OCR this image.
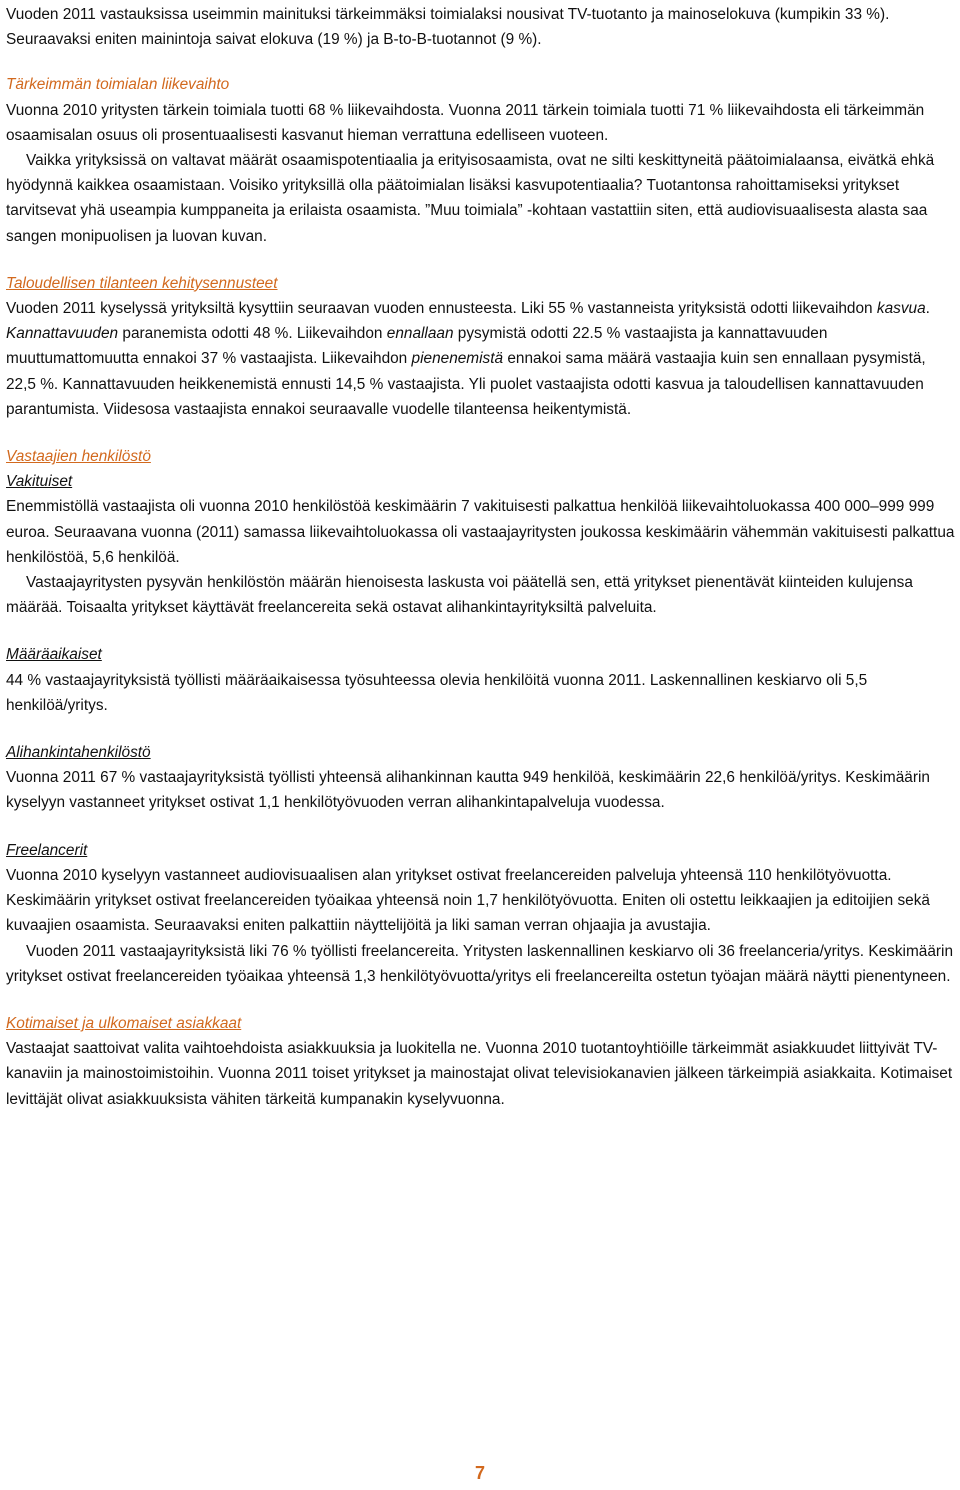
Vuoden 2011 vastauksissa useimmin mainituksi tärkeimmäksi toimialaksi nousivat TV-tuotanto ja mainoselokuva (kumpikin 33 %). Seuraavaksi eniten mainintoja saivat elokuva (19 %) ja B-to-B-tuotannot (9 %).

Tärkeimmän toimialan liikevaihto

Vuonna 2010 yritysten tärkein toimiala tuotti 68 % liikevaihdosta. Vuonna 2011 tärkein toimiala tuotti 71 % liikevaihdosta eli tärkeimmän osaamisalan osuus oli prosentuaalisesti kasvanut hieman verrattuna edelliseen vuoteen.

Vaikka yrityksissä on valtavat määrät osaamispotentiaalia ja erityisosaamista, ovat ne silti keskittyneitä päätoimialaansa, eivätkä ehkä hyödynnä kaikkea osaamistaan. Voisiko yrityksillä olla päätoimialan lisäksi kasvupotentiaalia? Tuotantonsa rahoittamiseksi yritykset tarvitsevat yhä useampia kumppaneita ja erilaista osaamista. ”Muu toimiala” -kohtaan vastattiin siten, että audiovisuaalisesta alasta saa sangen monipuolisen ja luovan kuvan.

Taloudellisen tilanteen kehitysennusteet

Vuoden 2011 kyselyssä yrityksiltä kysyttiin seuraavan vuoden ennusteesta. Liki 55 % vastanneista yrityksistä odotti liikevaihdon kasvua. Kannattavuuden paranemista odotti 48 %. Liikevaihdon ennallaan pysymistä odotti 22.5 % vastaajista ja kannattavuuden muuttumattomuutta ennakoi 37 % vastaajista. Liikevaihdon pienenemistä ennakoi sama määrä vastaajia kuin sen ennallaan pysymistä, 22,5 %. Kannattavuuden heikkenemistä ennusti 14,5 % vastaajista. Yli puolet vastaajista odotti kasvua ja taloudellisen kannattavuuden parantumista. Viidesosa vastaajista ennakoi seuraavalle vuodelle tilanteensa heikentymistä.

Vastaajien henkilöstö

Vakituiset

Enemmistöllä vastaajista oli vuonna 2010 henkilöstöä keskimäärin 7 vakituisesti palkattua henkilöä liikevaihtoluokassa 400 000–999 999 euroa. Seuraavana vuonna (2011) samassa liikevaihtoluokassa oli vastaajayritysten joukossa keskimäärin vähemmän vakituisesti palkattua henkilöstöä, 5,6 henkilöä.

Vastaajayritysten pysyvän henkilöstön määrän hienoisesta laskusta voi päätellä sen, että yritykset pienentävät kiinteiden kulujensa määrää. Toisaalta yritykset käyttävät freelancereita sekä ostavat alihankintayrityksiltä palveluita.

Määräaikaiset

44 % vastaajayrityksistä työllisti määräaikaisessa työsuhteessa olevia henkilöitä vuonna 2011. Laskennallinen keskiarvo oli 5,5 henkilöä/yritys.

Alihankintahenkilöstö

Vuonna 2011 67 % vastaajayrityksistä työllisti yhteensä alihankinnan kautta 949 henkilöä, keskimäärin 22,6 henkilöä/yritys. Keskimäärin kyselyyn vastanneet yritykset ostivat 1,1 henkilötyövuoden verran alihankintapalveluja vuodessa.

Freelancerit

Vuonna 2010 kyselyyn vastanneet audiovisuaalisen alan yritykset ostivat freelancereiden palveluja yhteensä 110 henkilötyövuotta. Keskimäärin yritykset ostivat freelancereiden työaikaa yhteensä noin 1,7 henkilötyövuotta. Eniten oli ostettu leikkaajien ja editoijien sekä kuvaajien osaamista. Seuraavaksi eniten palkattiin näyttelijöitä ja liki saman verran ohjaajia ja avustajia.

Vuoden 2011 vastaajayrityksistä liki 76 % työllisti freelancereita. Yritysten laskennallinen keskiarvo oli 36 freelanceria/yritys. Keskimäärin yritykset ostivat freelancereiden työaikaa yhteensä 1,3 henkilötyövuotta/yritys eli freelancereilta ostetun työajan määrä näytti pienentyneen.

Kotimaiset ja ulkomaiset asiakkaat

Vastaajat saattoivat valita vaihtoehdoista asiakkuuksia ja luokitella ne. Vuonna 2010 tuotantoyhtiöille tärkeimmät asiakkuudet liittyivät TV-kanaviin ja mainostoimistoihin. Vuonna 2011 toiset yritykset ja mainostajat olivat televisiokanavien jälkeen tärkeimpiä asiakkaita. Kotimaiset levittäjät olivat asiakkuuksista vähiten tärkeitä kumpanakin kyselyvuonna.

7
